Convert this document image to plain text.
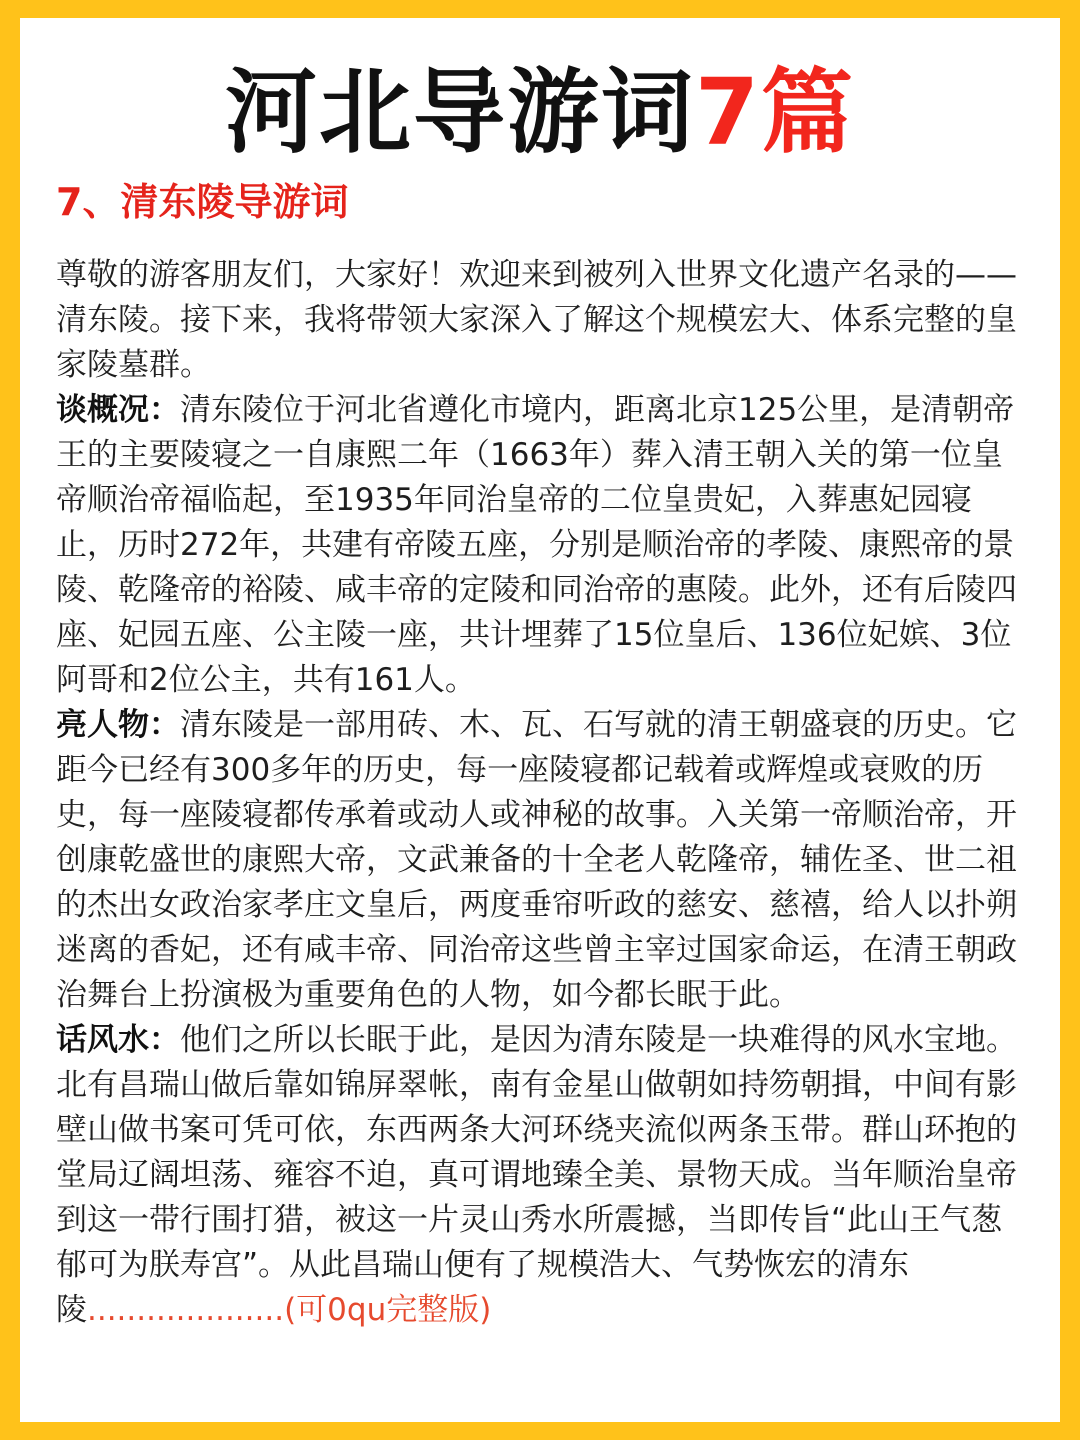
河北导游词7篇
7、清东陵导游词

尊敬的游客朋友们，大家好！欢迎来到被列入世界文化遗产名录的——清东陵。接下来，我将带领大家深入了解这个规模宏大、体系完整的皇家陵墓群。

谈概况：清东陵位于河北省遵化市境内，距离北京125公里，是清朝帝王的主要陵寝之一自康熙二年（1663年）葬入清王朝入关的第一位皇帝顺治帝福临起，至1935年同治皇帝的二位皇贵妃，入葬惠妃园寝止，历时272年，共建有帝陵五座，分别是顺治帝的孝陵、康熙帝的景陵、乾隆帝的裕陵、咸丰帝的定陵和同治帝的惠陵。此外，还有后陵四座、妃园五座、公主陵一座，共计埋葬了15位皇后、136位妃嫔、3位阿哥和2位公主，共有161人。

亮人物：清东陵是一部用砖、木、瓦、石写就的清王朝盛衰的历史。它距今已经有300多年的历史，每一座陵寝都记载着或辉煌或衰败的历史，每一座陵寝都传承着或动人或神秘的故事。入关第一帝顺治帝，开创康乾盛世的康熙大帝，文武兼备的十全老人乾隆帝，辅佐圣、世二祖的杰出女政治家孝庄文皇后，两度垂帘听政的慈安、慈禧，给人以扑朔迷离的香妃，还有咸丰帝、同治帝这些曾主宰过国家命运，在清王朝政治舞台上扮演极为重要角色的人物，如今都长眠于此。

话风水：他们之所以长眠于此，是因为清东陵是一块难得的风水宝地。北有昌瑞山做后靠如锦屏翠帐，南有金星山做朝如持笏朝揖，中间有影壁山做书案可凭可依，东西两条大河环绕夹流似两条玉带。群山环抱的堂局辽阔坦荡、雍容不迫，真可谓地臻全美、景物天成。当年顺治皇帝到这一带行围打猎，被这一片灵山秀水所震撼，当即传旨“此山王气葱郁可为朕寿宫”。从此昌瑞山便有了规模浩大、气势恢宏的清东陵....................(可0qu完整版)
